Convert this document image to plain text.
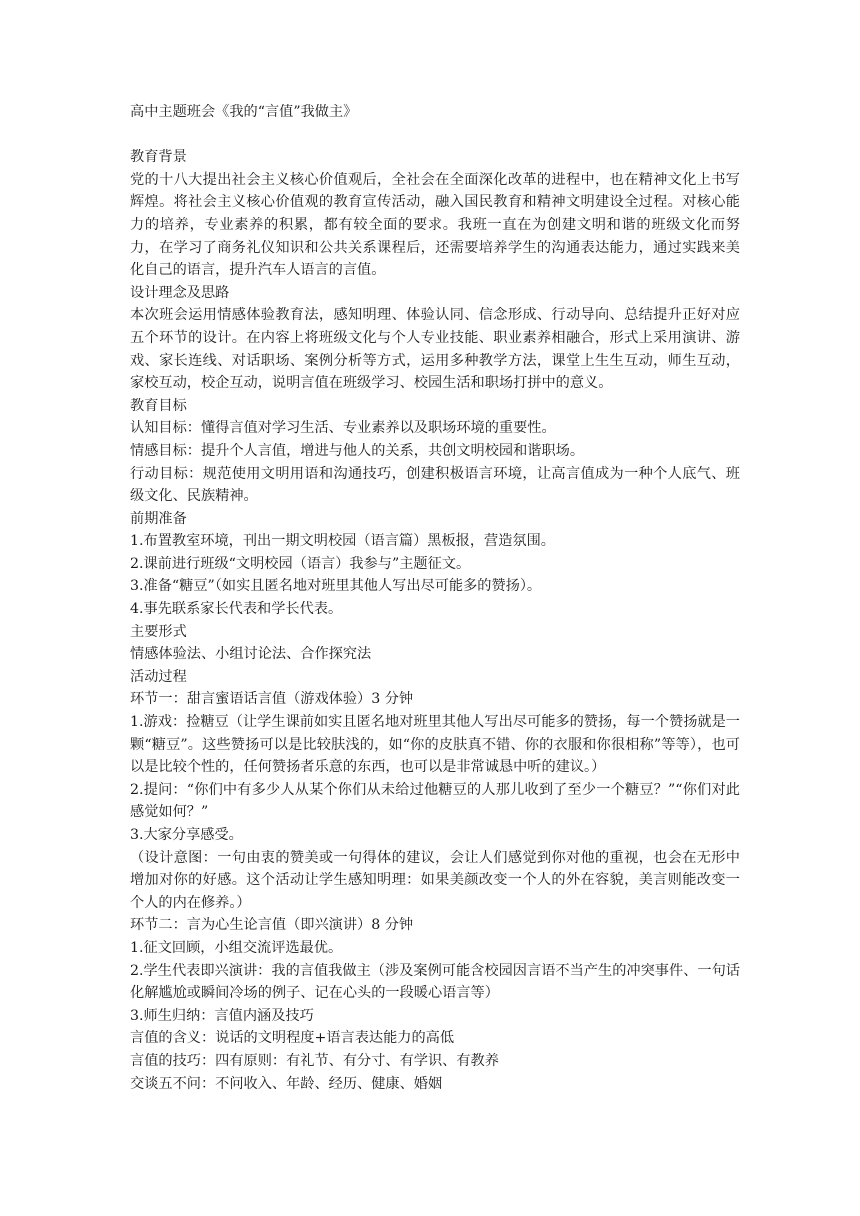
高中主题班会《我的“言值”我做主》

教育背景

党的十八大提出社会主义核心价值观后，全社会在全面深化改革的进程中，也在精神文化上书写辉煌。将社会主义核心价值观的教育宣传活动，融入国民教育和精神文明建设全过程。对核心能力的培养，专业素养的积累，都有较全面的要求。我班一直在为创建文明和谐的班级文化而努力，在学习了商务礼仪知识和公共关系课程后，还需要培养学生的沟通表达能力，通过实践来美化自己的语言，提升汽车人语言的言值。

设计理念及思路

本次班会运用情感体验教育法，感知明理、体验认同、信念形成、行动导向、总结提升正好对应五个环节的设计。在内容上将班级文化与个人专业技能、职业素养相融合，形式上采用演讲、游戏、家长连线、对话职场、案例分析等方式，运用多种教学方法，课堂上生生互动，师生互动，家校互动，校企互动，说明言值在班级学习、校园生活和职场打拼中的意义。

教育目标

认知目标：懂得言值对学习生活、专业素养以及职场环境的重要性。

情感目标：提升个人言值，增进与他人的关系，共创文明校园和谐职场。

行动目标：规范使用文明用语和沟通技巧，创建积极语言环境，让高言值成为一种个人底气、班级文化、民族精神。

前期准备

1.布置教室环境，刊出一期文明校园（语言篇）黑板报，营造氛围。

2.课前进行班级“文明校园（语言）我参与”主题征文。

3.准备“糖豆”（如实且匿名地对班里其他人写出尽可能多的赞扬）。

4.事先联系家长代表和学长代表。

主要形式

情感体验法、小组讨论法、合作探究法

活动过程

环节一：甜言蜜语话言值（游戏体验）3 分钟

1.游戏：捡糖豆（让学生课前如实且匿名地对班里其他人写出尽可能多的赞扬，每一个赞扬就是一颗“糖豆”。这些赞扬可以是比较肤浅的，如“你的皮肤真不错、你的衣服和你很相称”等等），也可以是比较个性的，任何赞扬者乐意的东西，也可以是非常诚恳中听的建议。）

2.提问：“你们中有多少人从某个你们从未给过他糖豆的人那儿收到了至少一个糖豆？”“你们对此感觉如何？”

3.大家分享感受。

（设计意图：一句由衷的赞美或一句得体的建议，会让人们感觉到你对他的重视，也会在无形中增加对你的好感。这个活动让学生感知明理：如果美颜改变一个人的外在容貌，美言则能改变一个人的内在修养。）

环节二：言为心生论言值（即兴演讲）8 分钟

1.征文回顾，小组交流评选最优。

2.学生代表即兴演讲：我的言值我做主（涉及案例可能含校园因言语不当产生的冲突事件、一句话化解尴尬或瞬间冷场的例子、记在心头的一段暖心语言等）

3.师生归纳：言值内涵及技巧

言值的含义：说话的文明程度+语言表达能力的高低

言值的技巧：四有原则：有礼节、有分寸、有学识、有教养

交谈五不问：不问收入、年龄、经历、健康、婚姻
